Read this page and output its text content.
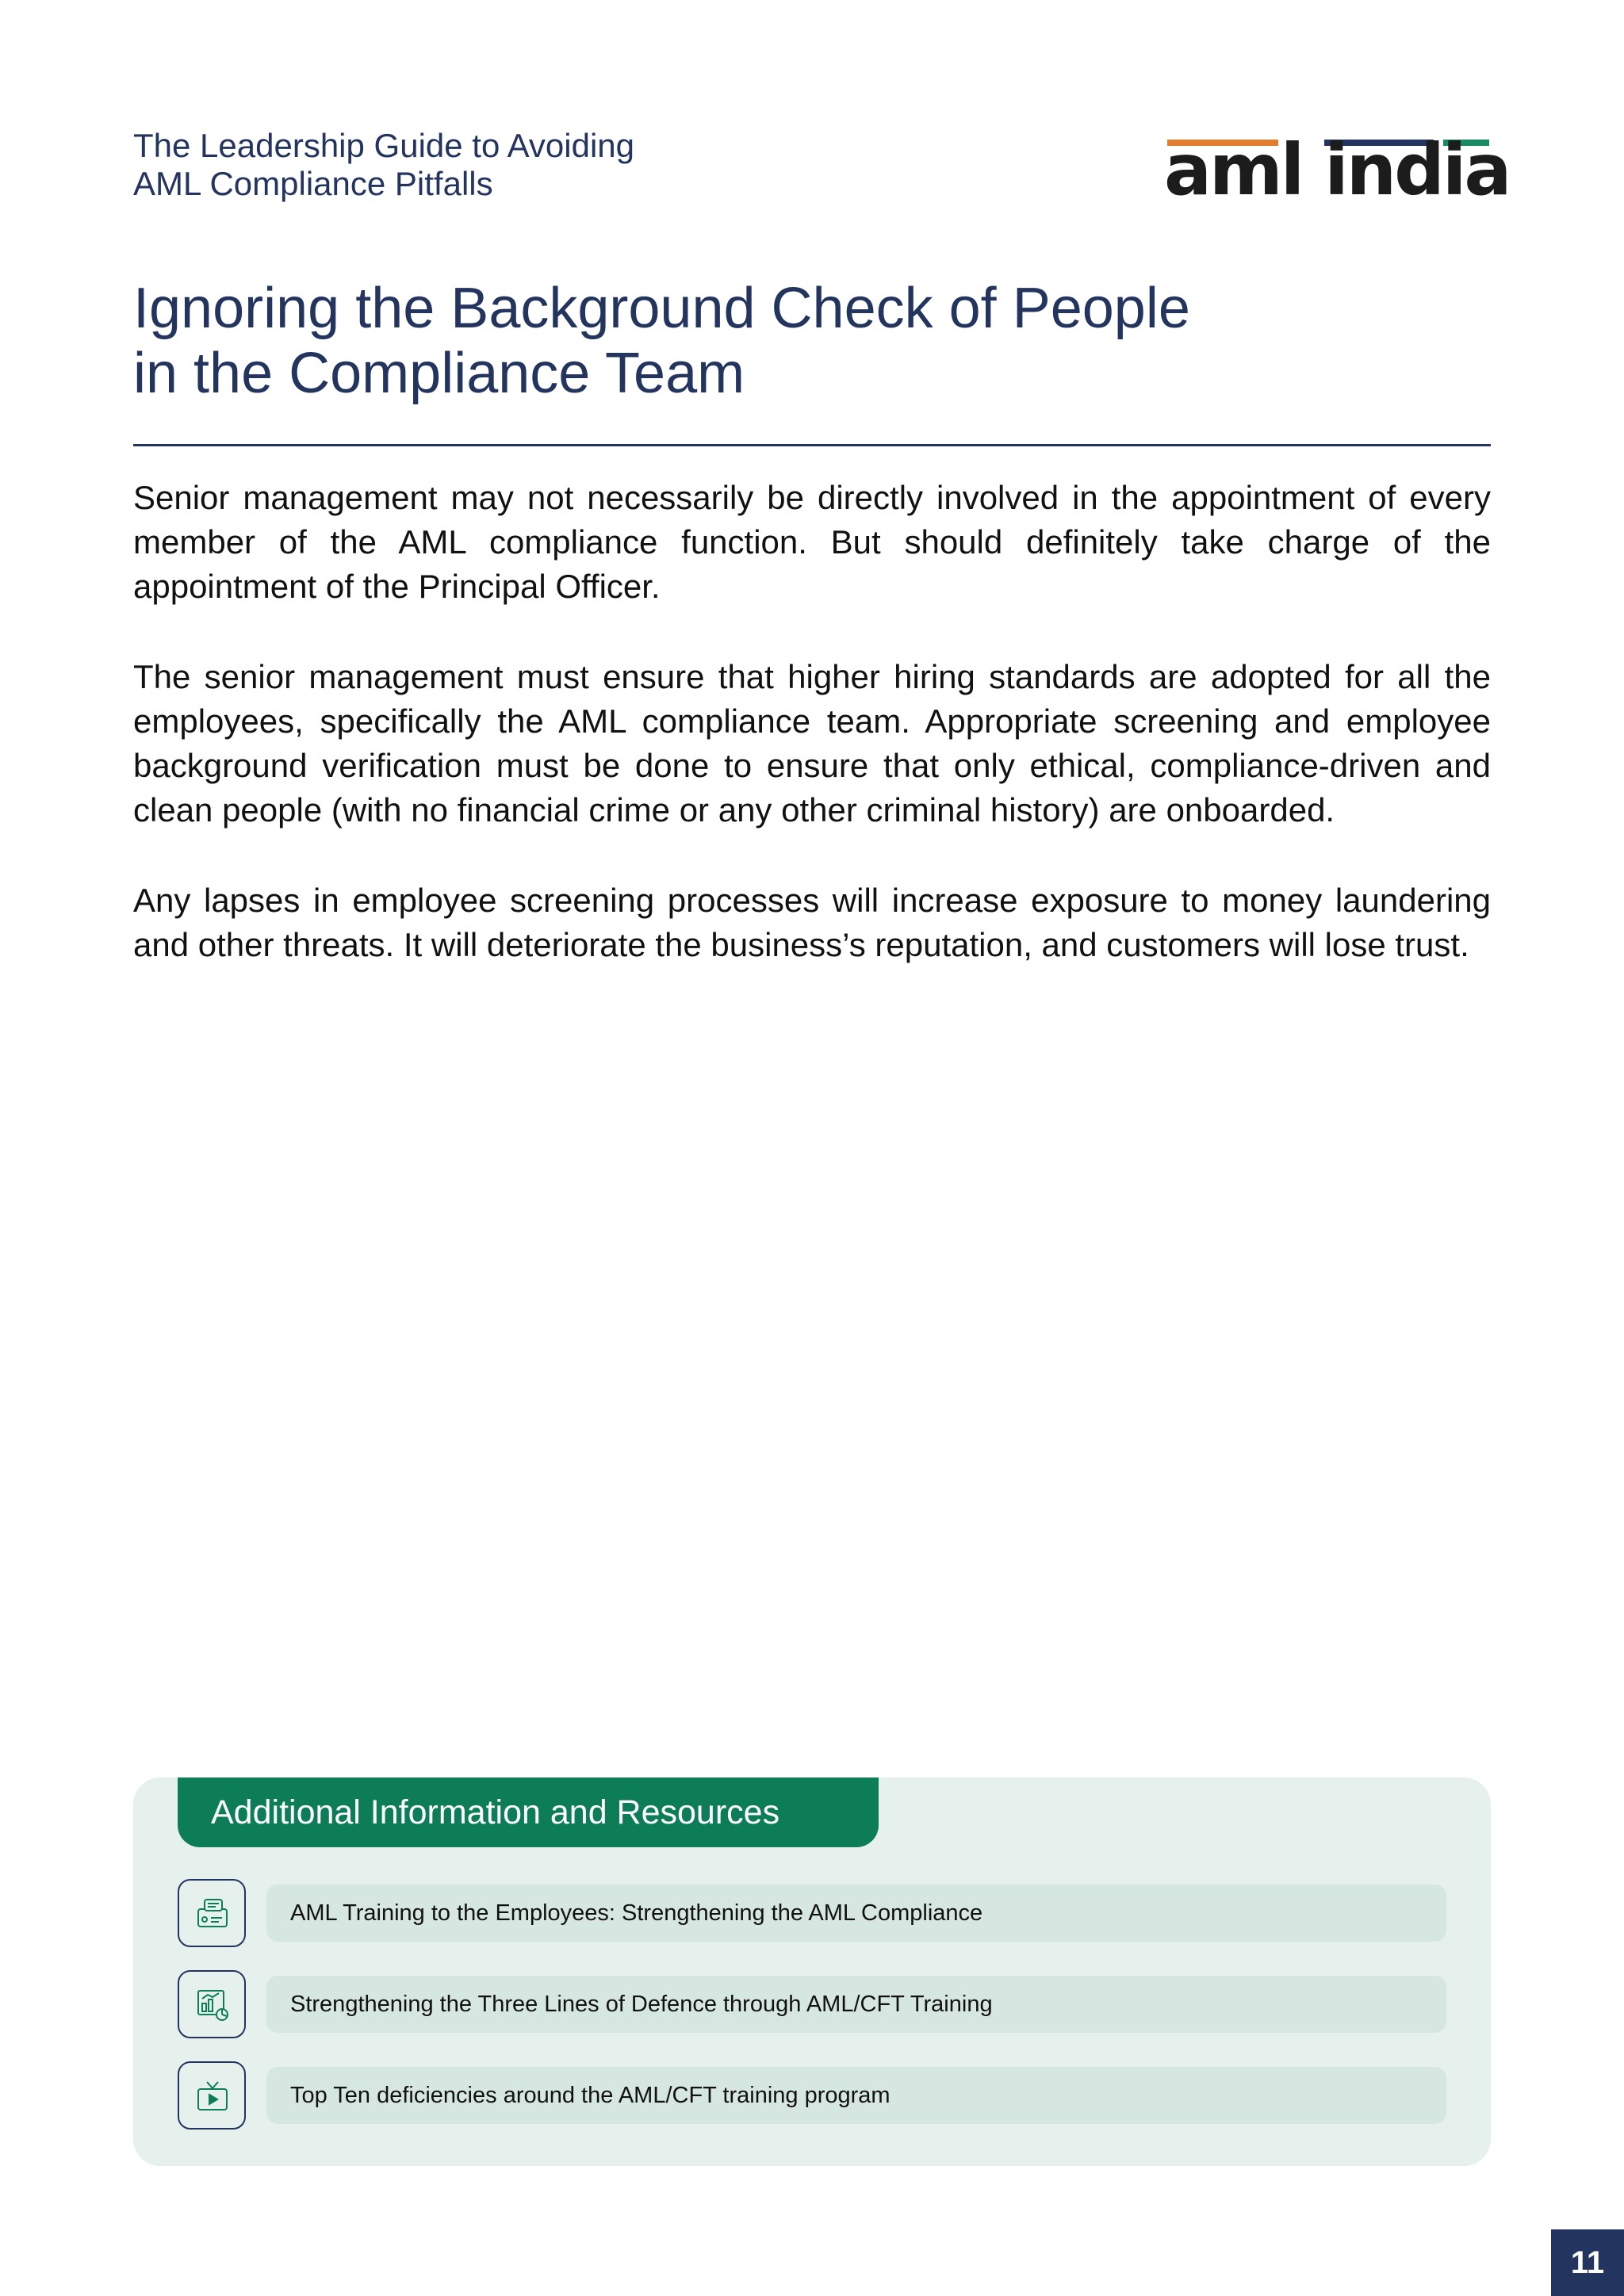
The Leadership Guide to Avoiding
AML Compliance Pitfalls	aml india
Ignoring the Background Check of People
in the Compliance Team

Senior management may not necessarily be directly involved in the appointment of every member of the AML compliance function. But should definitely take charge of the appointment of the Principal Officer.

The senior management must ensure that higher hiring standards are adopted for all the employees, specifically the AML compliance team. Appropriate screening and employee background verification must be done to ensure that only ethical, compliance-driven and clean people (with no financial crime or any other criminal history) are onboarded.

Any lapses in employee screening processes will increase exposure to money laundering and other threats. It will deteriorate the business’s reputation, and customers will lose trust.

Additional Information and Resources
AML Training to the Employees: Strengthening the AML Compliance
Strengthening the Three Lines of Defence through AML/CFT Training
Top Ten deficiencies around the AML/CFT training program
11
